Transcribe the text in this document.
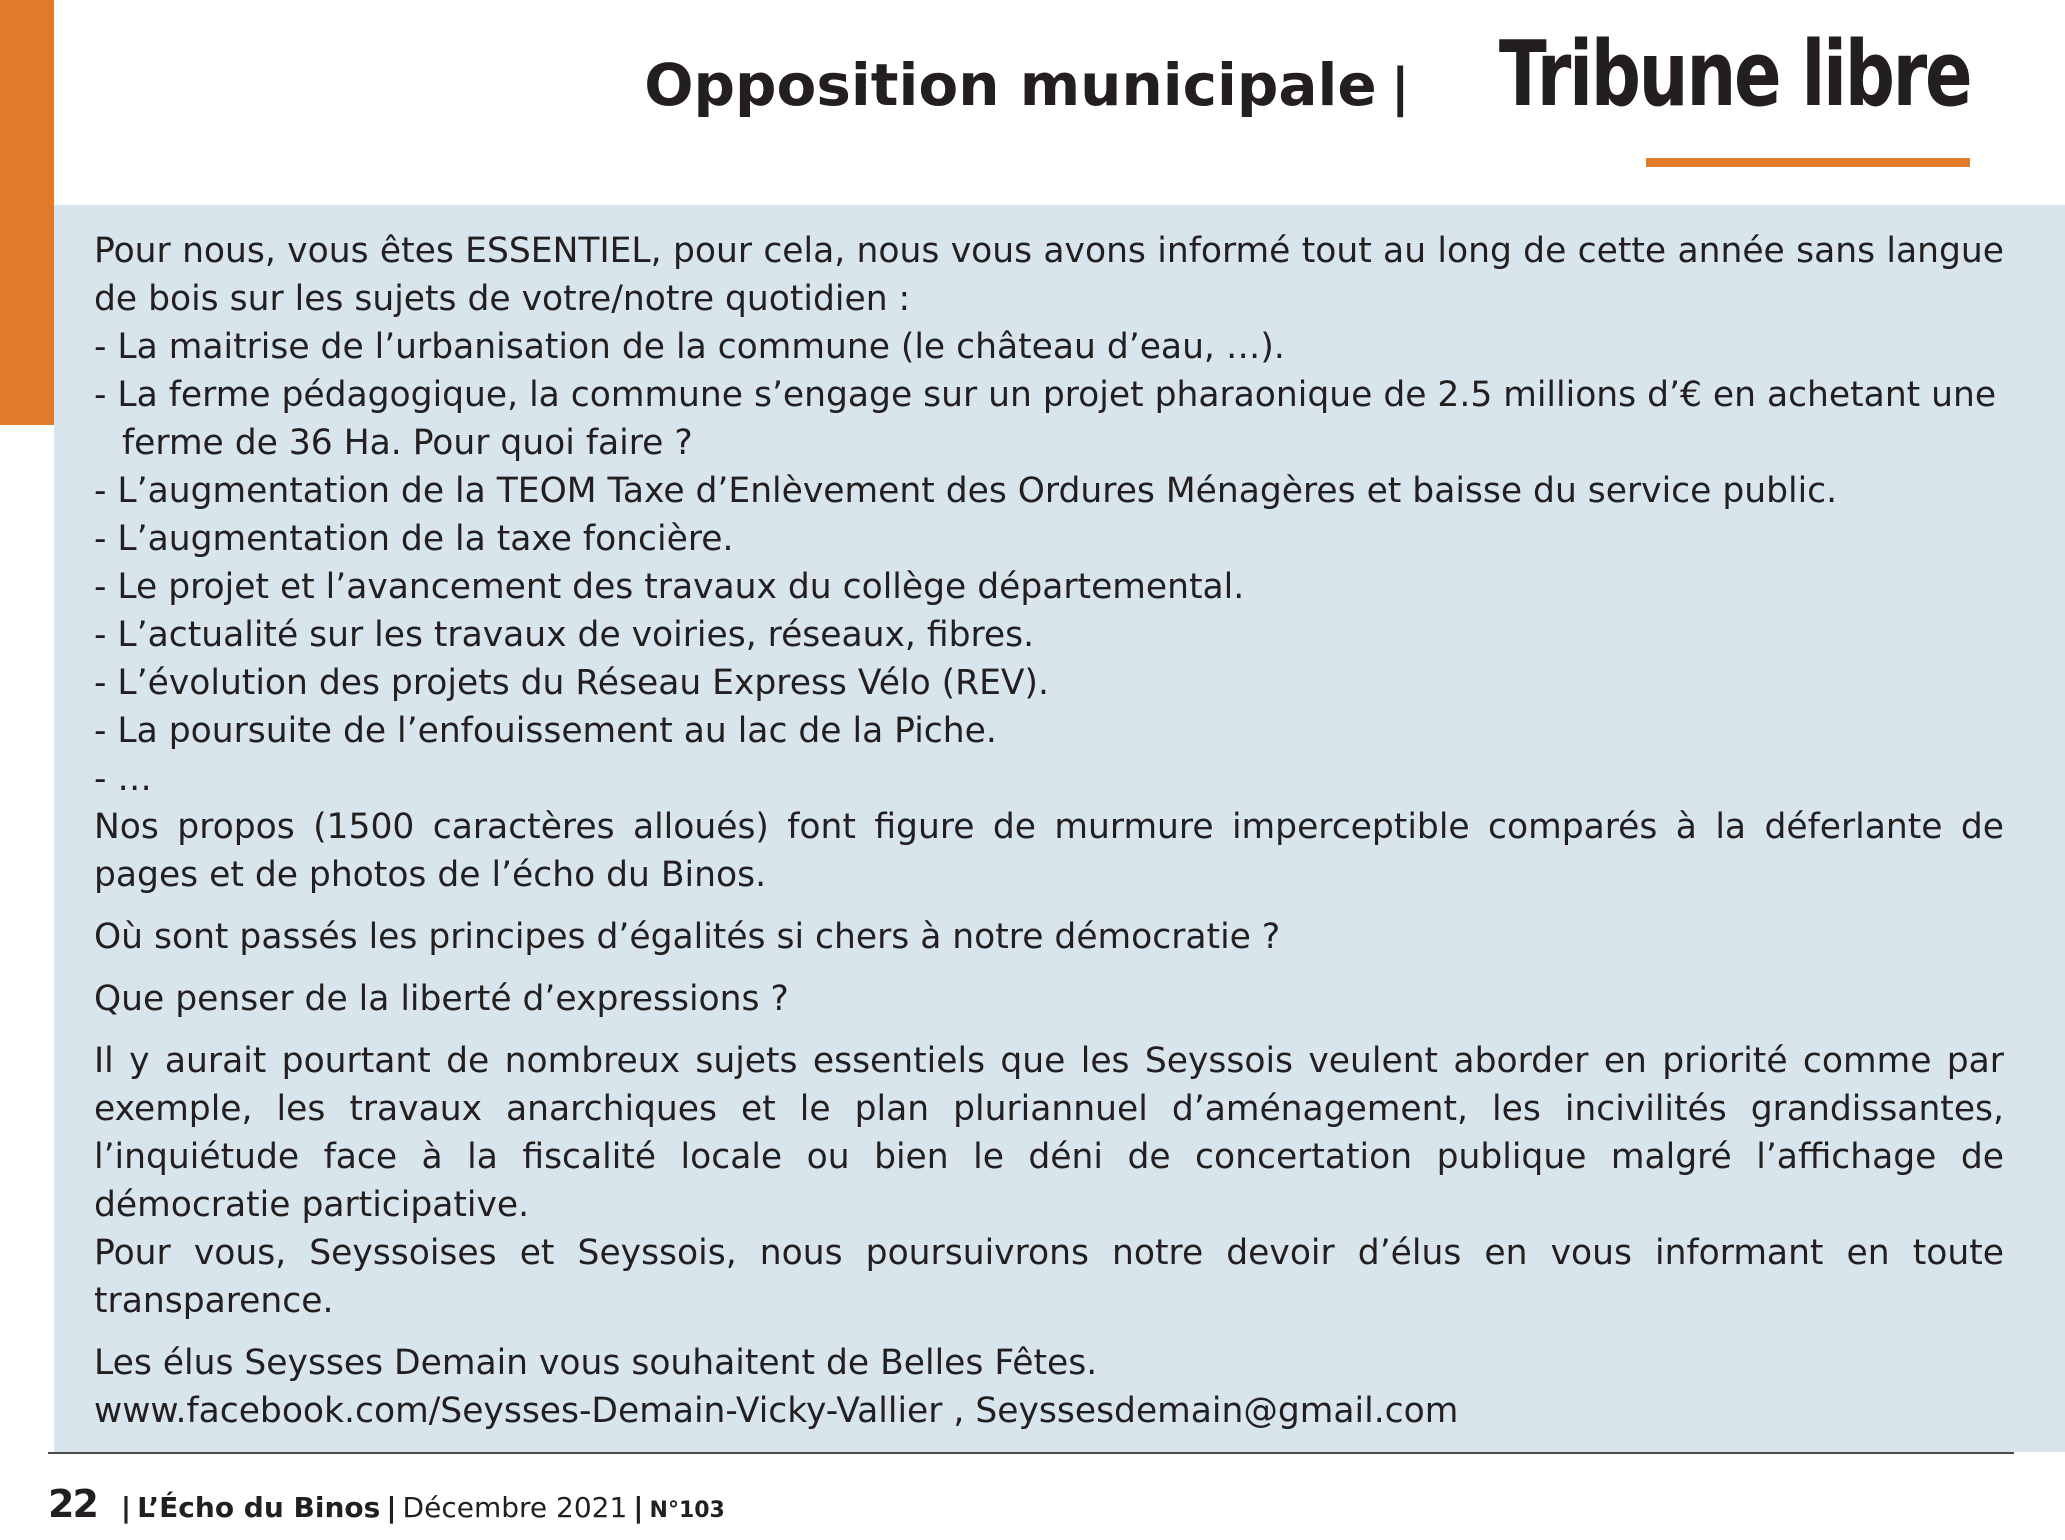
Opposition municipale | Tribune libre

Pour nous, vous êtes ESSENTIEL, pour cela, nous vous avons informé tout au long de cette année sans langue de bois sur les sujets de votre/notre quotidien :

- La maitrise de l’urbanisation de la commune (le château d’eau, …).

- La ferme pédagogique, la commune s’engage sur un projet pharaonique de 2.5 millions d’€ en achetant une ferme de 36 Ha. Pour quoi faire ?

- L’augmentation de la TEOM Taxe d’Enlèvement des Ordures Ménagères et baisse du service public.

- L’augmentation de la taxe foncière.

- Le projet et l’avancement des travaux du collège départemental.

- L’actualité sur les travaux de voiries, réseaux, fibres.

- L’évolution des projets du Réseau Express Vélo (REV).

- La poursuite de l’enfouissement au lac de la Piche.

- …

Nos propos (1500 caractères alloués) font figure de murmure imperceptible comparés à la déferlante de pages et de photos de l’écho du Binos.

Où sont passés les principes d’égalités si chers à notre démocratie ?

Que penser de la liberté d’expressions ?

Il y aurait pourtant de nombreux sujets essentiels que les Seyssois veulent aborder en priorité comme par exemple, les travaux anarchiques et le plan pluriannuel d’aménagement, les incivilités grandissantes, l’inquiétude face à la fiscalité locale ou bien le déni de concertation publique malgré l’affichage de démocratie participative.

Pour vous, Seyssoises et Seyssois, nous poursuivrons notre devoir d’élus en vous informant en toute transparence.

Les élus Seysses Demain vous souhaitent de Belles Fêtes.

www.facebook.com/Seysses-Demain-Vicky-Vallier , Seyssesdemain@gmail.com

22 | L’Écho du Binos | Décembre 2021 | N°103
